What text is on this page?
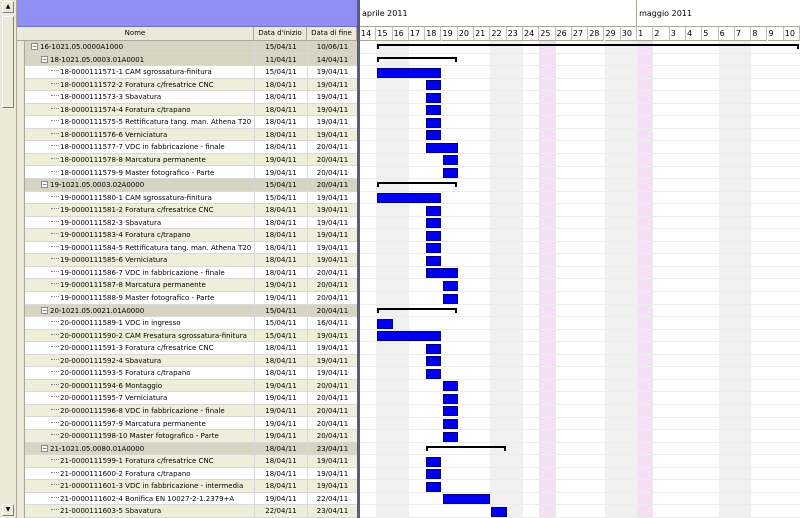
▲
▼
Nome	Data d'inizio	Data di fine
− 16-1021.05.0000A1000	15/04/11	10/06/11
− 18-1021.05.0003.01A0001	11/04/11	14/04/11
18-0000111571-1 CAM sgrossatura-finitura	15/04/11	19/04/11
18-0000111572-2 Foratura c/fresatrice CNC	18/04/11	19/04/11
18-0000111573-3 Sbavatura	18/04/11	19/04/11
18-0000111574-4 Foratura c/trapano	18/04/11	19/04/11
18-0000111575-5 Rettificatura tang. man. Athena T20	18/04/11	19/04/11
18-0000111576-6 Verniciatura	18/04/11	19/04/11
18-0000111577-7 VDC in fabbricazione - finale	18/04/11	20/04/11
18-0000111578-8 Marcatura permanente	19/04/11	20/04/11
18-0000111579-9 Master fotografico - Parte	19/04/11	20/04/11
− 19-1021.05.0003.02A0000	15/04/11	20/04/11
19-0000111580-1 CAM sgrossatura-finitura	15/04/11	19/04/11
19-0000111581-2 Foratura c/fresatrice CNC	18/04/11	19/04/11
19-0000111582-3 Sbavatura	18/04/11	19/04/11
19-0000111583-4 Foratura c/trapano	18/04/11	19/04/11
19-0000111584-5 Rettificatura tang. man. Athena T20	18/04/11	19/04/11
19-0000111585-6 Verniciatura	18/04/11	19/04/11
19-0000111586-7 VDC in fabbricazione - finale	18/04/11	20/04/11
19-0000111587-8 Marcatura permanente	19/04/11	20/04/11
19-0000111588-9 Master fotografico - Parte	19/04/11	20/04/11
− 20-1021.05.0021.01A0000	15/04/11	20/04/11
20-0000111589-1 VDC in ingresso	15/04/11	16/04/11
20-0000111590-2 CAM Fresatura sgrossatura-finitura	15/04/11	19/04/11
20-0000111591-3 Foratura c/fresatrice CNC	18/04/11	19/04/11
20-0000111592-4 Sbavatura	18/04/11	19/04/11
20-0000111593-5 Foratura c/trapano	18/04/11	19/04/11
20-0000111594-6 Montaggio	19/04/11	20/04/11
20-0000111595-7 Verniciatura	19/04/11	20/04/11
20-0000111596-8 VDC in fabbricazione - finale	19/04/11	20/04/11
20-0000111597-9 Marcatura permanente	19/04/11	20/04/11
20-0000111598-10 Master fotografico - Parte	19/04/11	20/04/11
− 21-1021.05.0080.01A0000	18/04/11	23/04/11
21-0000111599-1 Foratura c/fresatrice CNC	18/04/11	19/04/11
21-0000111600-2 Foratura c/trapano	18/04/11	19/04/11
21-0000111601-3 VDC in fabbricazione - intermedia	18/04/11	19/04/11
21-0000111602-4 Bonifica EN 10027-2-1.2379+A	19/04/11	22/04/11
21-0000111603-5 Sbavatura	22/04/11	23/04/11
aprile 2011	maggio 2011
14 15 16 17 18 19 20 21 22 23 24 25 26 27 28 29 30 1	2	3	4	5	6	7	8	9	10
